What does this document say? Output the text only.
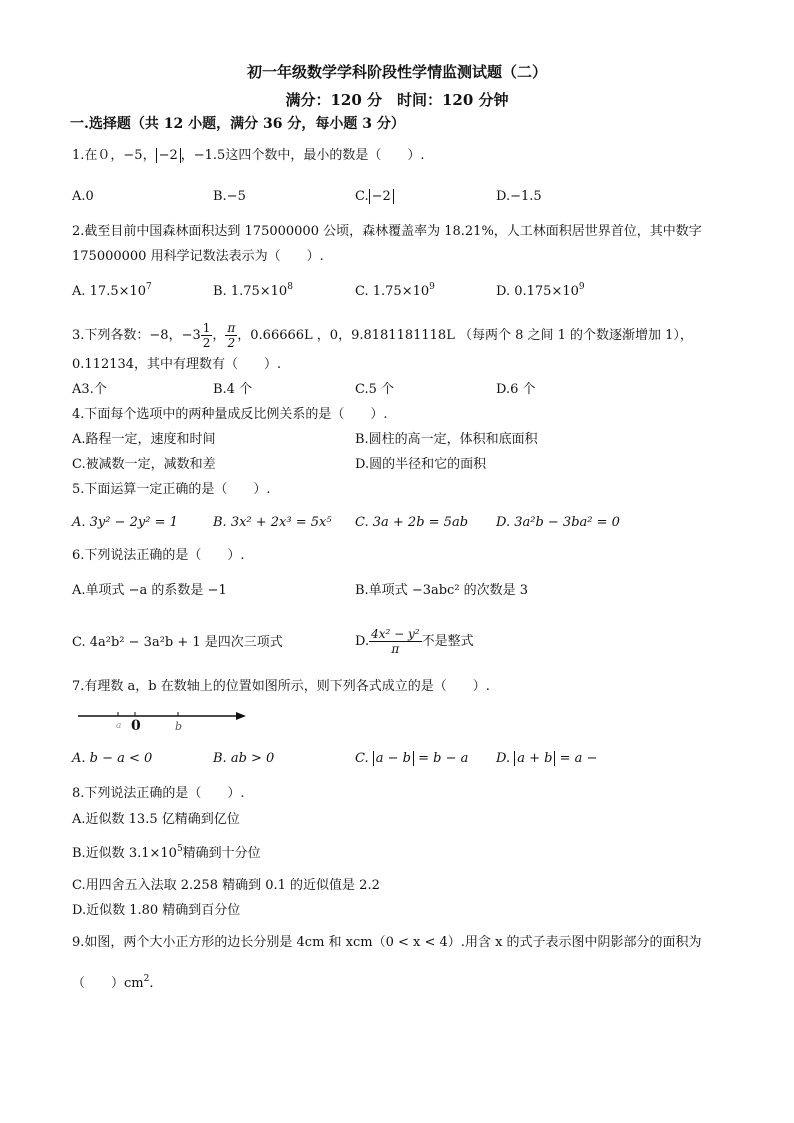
初一年级数学学科阶段性学情监测试题（二）
满分：120 分　时间：120 分钟
一.选择题（共 12 小题，满分 36 分，每小题 3 分）
1.在０，−5， −2 ，−1.5这四个数中，最小的数是（　　）.
A.0	B.−5	C. −2	D.−1.5
2.截至目前中国森林面积达到 175000000 公顷，森林覆盖率为 18.21%，人工林面积居世界首位，其中数字
175000000 用科学记数法表示为（　　）.
A. $17.5\times 10^7$	B. $1.75\times 10^8$	C. $1.75\times 10^9$	D. $0.175\times 10^9$
3.下列各数：−8，$-3 \frac{1}{2}$ ， $\frac{\pi}{2}$ ，0.66666L ，0，9.8181181118L （每两个 8 之间 1 的个数逐渐增加 1），
0.112134，其中有理数有（　　）.
A3.个	B.4 个	C.5 个	D.6 个
4.下面每个选项中的两种量成反比例关系的是（　　）.
A.路程一定，速度和时间	B.圆柱的高一定，体积和底面积
C.被减数一定，减数和差	D.圆的半径和它的面积
5.下面运算一定正确的是（　　）.
A. 3y² − 2y² = 1	B. 3x² + 2x³ = 5x⁵ C. 3a + 2b = 5ab D. 3a²b − 3ba² = 0
6.下列说法正确的是（　　）.
A.单项式 −a 的系数是 −1	B.单项式 −3abc² 的次数是 3
C. 4a²b² − 3a²b + 1 是四次三项式	D. $\frac{\text{4x² − y²}}{\pi}$ 不是整式
7.有理数 a，b 在数轴上的位置如图所示，则下列各式成立的是（　　）.
a 0	b
A. b − a < 0	B. ab > 0	C. a − b = b − a D. a + b = a −
8.下列说法正确的是（　　）.
A.近似数 13.5 亿精确到亿位
B.近似数 $3.1\times 10^5$精确到十分位
C.用四舍五入法取 2.258 精确到 0.1 的近似值是 2.2
D.近似数 1.80 精确到百分位
9.如图，两个大小正方形的边长分别是 4cm 和 xcm（0 < x < 4）.用含 x 的式子表示图中阴影部分的面积为
（　　）$cm^2$.
